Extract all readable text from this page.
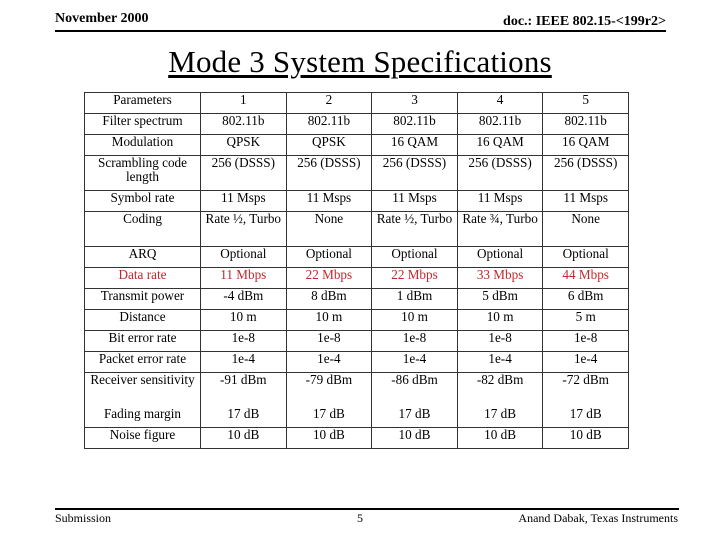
November 2000	doc.: IEEE 802.15-<199r2>
Mode 3 System Specifications
Parameters	1	2	3	4	5
Filter spectrum	802.11b	802.11b	802.11b	802.11b	802.11b
Modulation	QPSK	QPSK	16 QAM	16 QAM	16 QAM
Scrambling code length	256 (DSSS)	256 (DSSS)	256 (DSSS)	256 (DSSS)	256 (DSSS)
Symbol rate	11 Msps	11 Msps	11 Msps	11 Msps	11 Msps
Coding	Rate ½, Turbo	None	Rate ½, Turbo	Rate ¾, Turbo	None
ARQ	Optional	Optional	Optional	Optional	Optional
Data rate	11 Mbps	22 Mbps	22 Mbps	33 Mbps	44 Mbps
Transmit power	-4 dBm	8 dBm	1 dBm	5 dBm	6 dBm
Distance	10 m	10 m	10 m	10 m	5 m
Bit error rate	1e-8	1e-8	1e-8	1e-8	1e-8
Packet error rate	1e-4	1e-4	1e-4	1e-4	1e-4
Receiver sensitivity	-91 dBm	-79 dBm	-86 dBm	-82 dBm	-72 dBm
Fading margin	17 dB	17 dB	17 dB	17 dB	17 dB
Noise figure	10 dB	10 dB	10 dB	10 dB	10 dB
Submission	5	Anand Dabak, Texas Instruments
